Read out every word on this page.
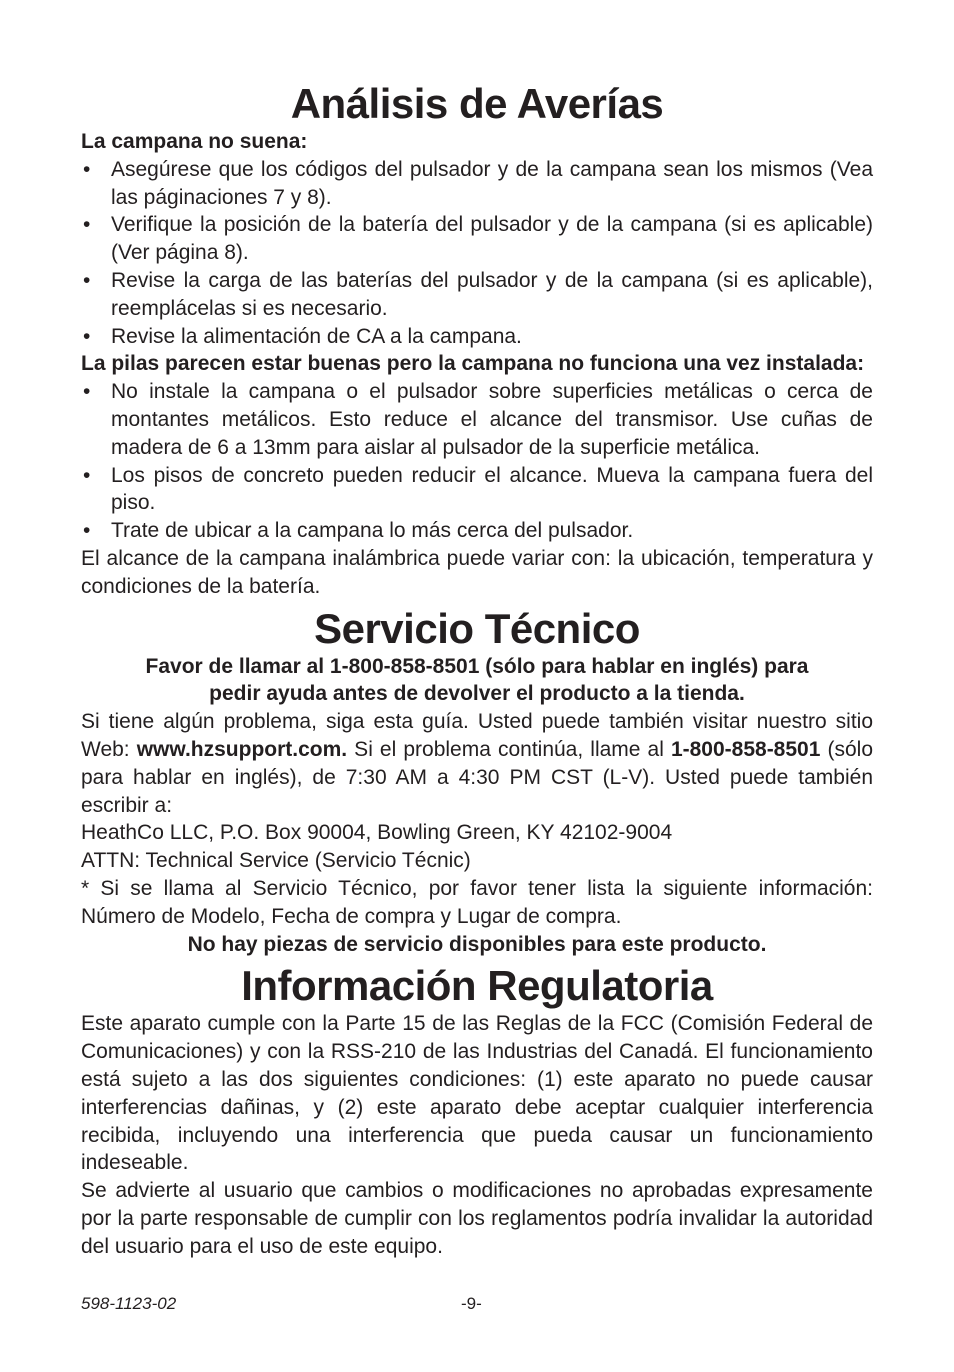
Análisis de Averías

La campana no suena:

• Asegúrese que los códigos del pulsador y de la campana sean los mismos (Vea las páginaciones 7 y 8).
• Verifique la posición de la batería del pulsador y de la campana (si es aplicable) (Ver página 8).
• Revise la carga de las baterías del pulsador y de la campana (si es aplicable), reemplácelas si es necesario.
• Revise la alimentación de CA a la campana.

La pilas parecen estar buenas pero la campana no funciona una vez instalada:

• No instale la campana o el pulsador sobre superficies metálicas o cerca de montantes metálicos. Esto reduce el alcance del transmisor. Use cuñas de madera de 6 a 13mm para aislar al pulsador de la superficie metálica.
• Los pisos de concreto pueden reducir el alcance. Mueva la campana fuera del piso.
• Trate de ubicar a la campana lo más cerca del pulsador.

El alcance de la campana inalámbrica puede variar con: la ubicación, temperatura y condiciones de la batería.

Servicio Técnico

Favor de llamar al 1-800-858-8501 (sólo para hablar en inglés) para

pedir ayuda antes de devolver el producto a la tienda.

Si tiene algún problema, siga esta guía. Usted puede también visitar nuestro sitio Web: www.hzsupport.com. Si el problema continúa, llame al 1-800-858-8501 (sólo para hablar en inglés), de 7:30 AM a 4:30 PM CST (L-V). Usted puede también escribir a:

HeathCo LLC, P.O. Box 90004, Bowling Green, KY 42102-9004

ATTN: Technical Service (Servicio Técnic)

* Si se llama al Servicio Técnico, por favor tener lista la siguiente información: Número de Modelo, Fecha de compra y Lugar de compra.

No hay piezas de servicio disponibles para este producto.

Información Regulatoria

Este aparato cumple con la Parte 15 de las Reglas de la FCC (Comisión Federal de Comunicaciones) y con la RSS-210 de las Industrias del Canadá. El funcionamiento está sujeto a las dos siguientes condiciones: (1) este aparato no puede causar interferencias dañinas, y (2) este aparato debe aceptar cualquier interferencia recibida, incluyendo una interferencia que pueda causar un funcionamiento indeseable.

Se advierte al usuario que cambios o modificaciones no aprobadas expresamente por la parte responsable de cumplir con los reglamentos podría invalidar la autoridad del usuario para el uso de este equipo.

598-1123-02	-9-
